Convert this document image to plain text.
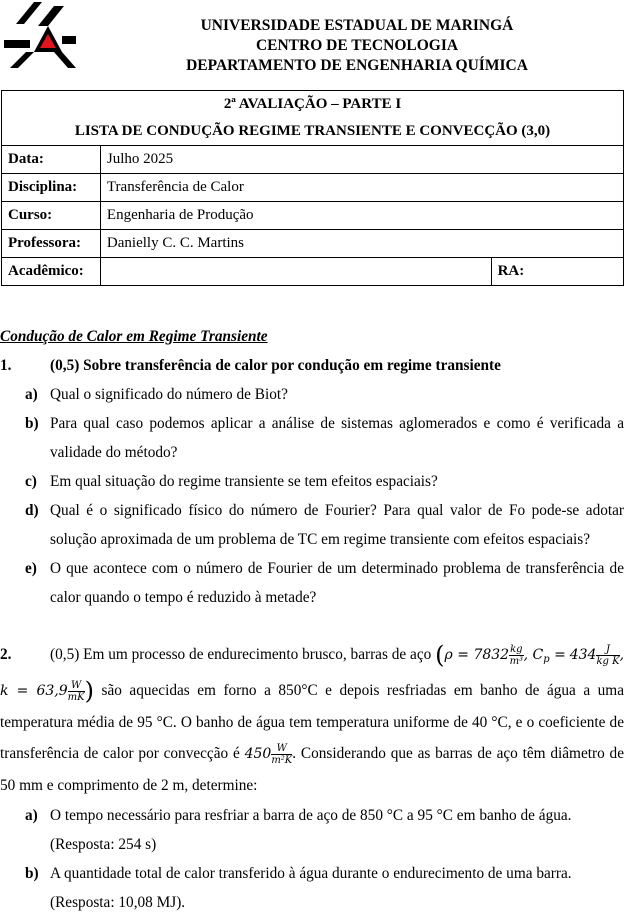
UNIVERSIDADE ESTADUAL DE MARINGÁ
CENTRO DE TECNOLOGIA
DEPARTAMENTO DE ENGENHARIA QUÍMICA
2ª AVALIAÇÃO – PARTE I		
LISTA DE CONDUÇÃO REGIME TRANSIENTE E CONVECÇÃO (3,0)		
Data:	Julho 2025	
Disciplina:	Transferência de Calor	
Curso:	Engenharia de Produção	
Professora:	Danielly C. C. Martins	
Acadêmico:		RA:
Condução de Calor em Regime Transiente
1.	(0,5) Sobre transferência de calor por condução em regime transiente
a) Qual o significado do número de Biot?
b) Para qual caso podemos aplicar a análise de sistemas aglomerados e como é verificada a validade do método?
c) Em qual situação do regime transiente se tem efeitos espaciais?
d) Qual é o significado físico do número de Fourier? Para qual valor de Fo pode-se adotar solução aproximada de um problema de TC em regime transiente com efeitos espaciais?
e) O que acontece com o número de Fourier de um determinado problema de transferência de calor quando o tempo é reduzido à metade?
2.	(0,5) Em um processo de endurecimento brusco, barras de aço ($\rho = 7832 \frac{kg}{\text{m³}}$ , $Cp = 434 \frac{J}{\text{kg K}}$ , $k = 63,9 \frac{W}{mK}$ ) são aquecidas em forno a 850°C e depois resfriadas em banho de água a uma temperatura média de 95 °C. O banho de água tem temperatura uniforme de 40 °C, e o coeficiente de transferência de calor por convecção é $450 \frac{W}{\text{m²K}}$ . Considerando que as barras de aço têm diâmetro de 50 mm e comprimento de 2 m, determine:
a) O tempo necessário para resfriar a barra de aço de 850 °C a 95 °C em banho de água.
(Resposta: 254 s)
b) A quantidade total de calor transferido à água durante o endurecimento de uma barra.
(Resposta: 10,08 MJ).
